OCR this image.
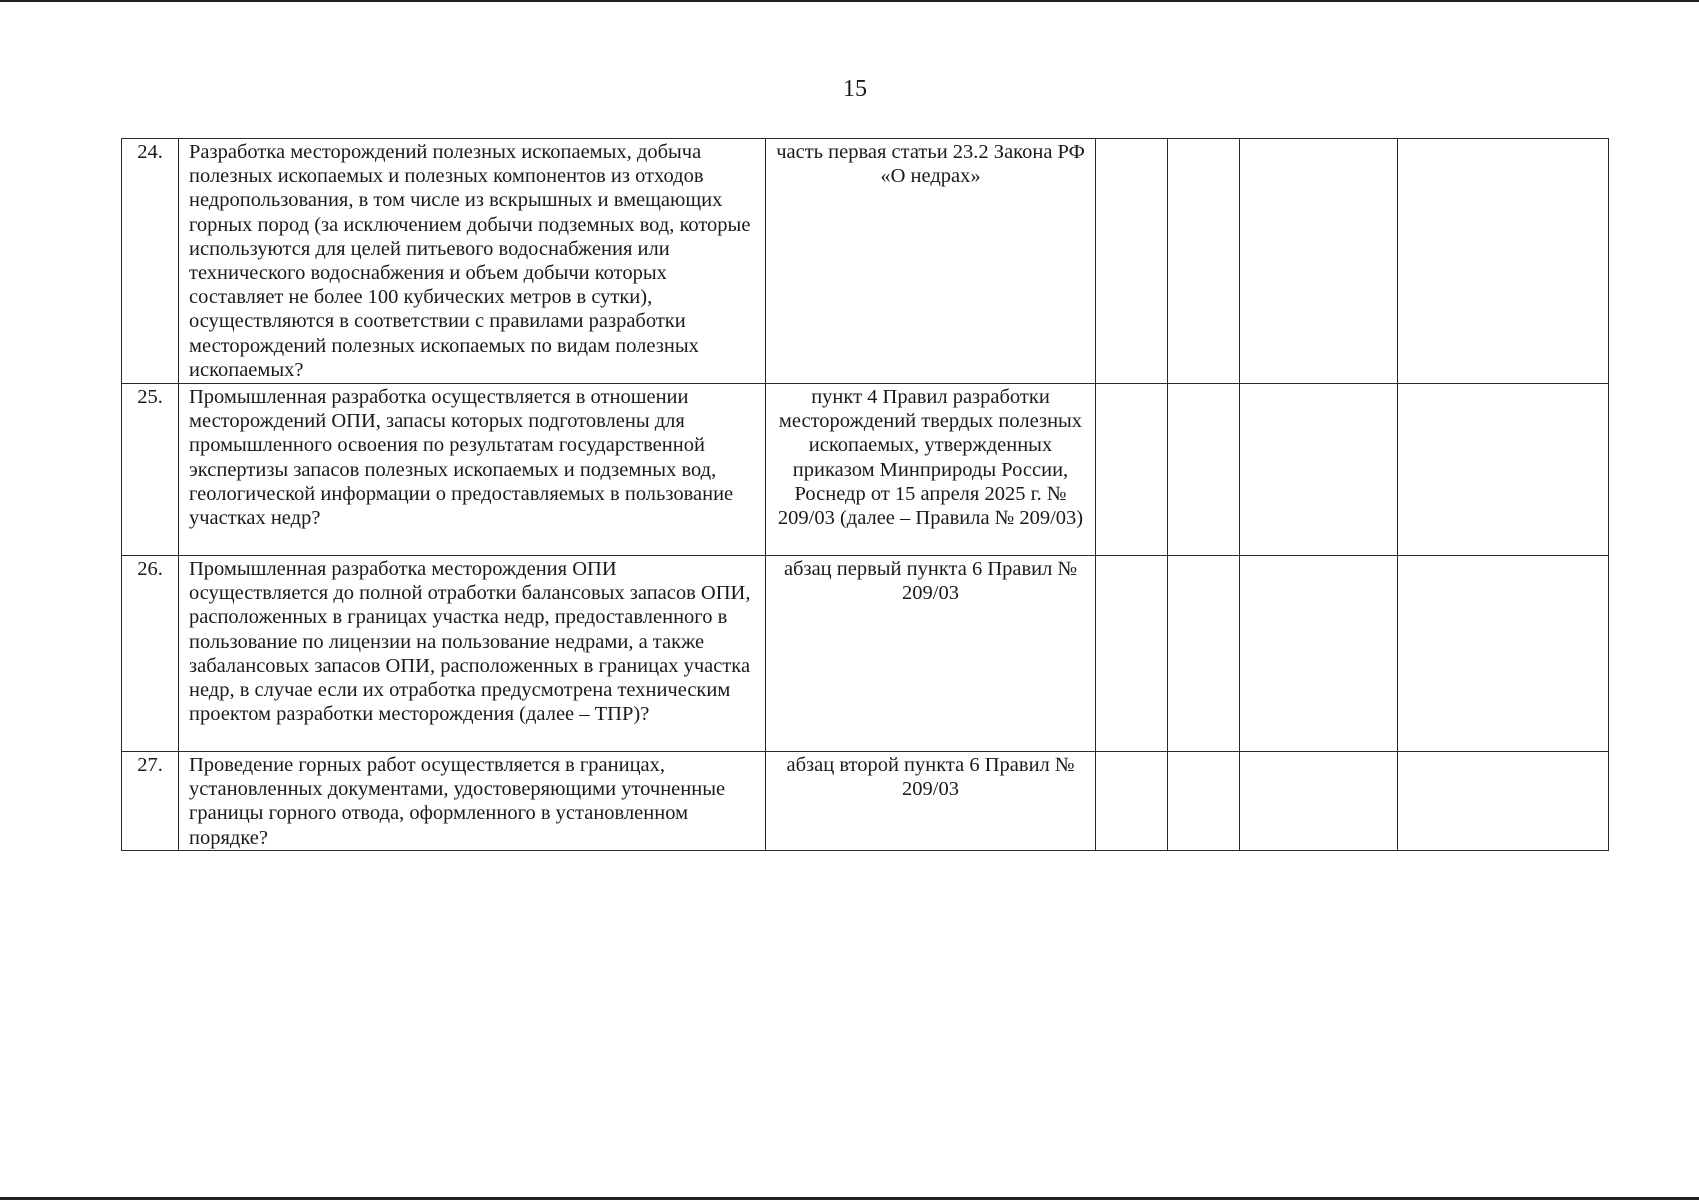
15
24.	Разработка месторождений полезных ископаемых, добыча полезных ископаемых и полезных компонентов из отходов недропользования, в том числе из вскрышных и вмещающих горных пород (за исключением добычи подземных вод, которые используются для целей питьевого водоснабжения или технического водоснабжения и объем добычи которых составляет не более 100 кубических метров в сутки), осуществляются в соответствии с правилами разработки месторождений полезных ископаемых по видам полезных ископаемых?	часть первая статьи 23.2 Закона РФ «О недрах»				
25.	Промышленная разработка осуществляется в отношении месторождений ОПИ, запасы которых подготовлены для промышленного освоения по результатам государственной экспертизы запасов полезных ископаемых и подземных вод, геологической информации о предоставляемых в пользование участках недр?	пункт 4 Правил разработки месторождений твердых полезных ископаемых, утвержденных приказом Минприроды России, Роснедр от 15 апреля 2025 г. № 209/03 (далее – Правила № 209/03)				
26.	Промышленная разработка месторождения ОПИ осуществляется до полной отработки балансовых запасов ОПИ, расположенных в границах участка недр, предоставленного в пользование по лицензии на пользование недрами, а также забалансовых запасов ОПИ, расположенных в границах участка недр, в случае если их отработка предусмотрена техническим проектом разработки месторождения (далее – ТПР)?	абзац первый пункта 6 Правил № 209/03				
27.	Проведение горных работ осуществляется в границах, установленных документами, удостоверяющими уточненные границы горного отвода, оформленного в установленном порядке?	абзац второй пункта 6 Правил № 209/03				
